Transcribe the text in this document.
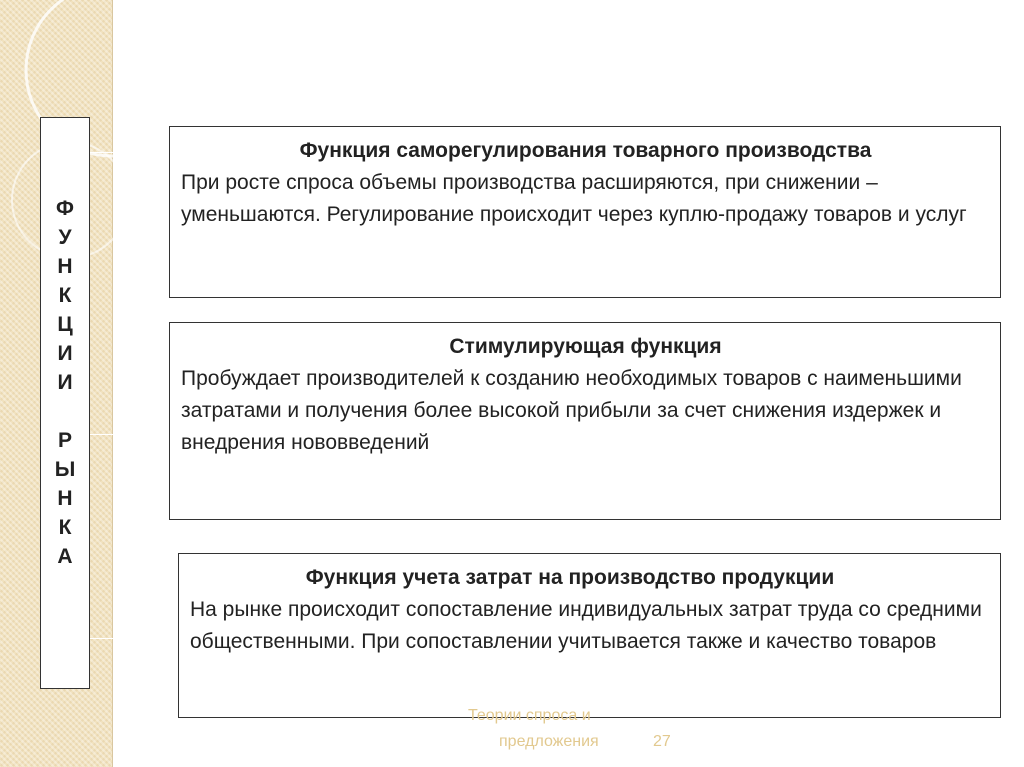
Ф
У
Н
К
Ц
И
И
Р
Ы
Н
К
А
Функция саморегулирования товарного производства
При росте спроса объемы производства расширяются, при снижении – уменьшаются. Регулирование происходит через куплю-продажу товаров и услуг
Стимулирующая функция
Пробуждает производителей к созданию необходимых товаров с наименьшими затратами и получения более высокой прибыли за счет снижения издержек и внедрения нововведений
Функция учета затрат на производство продукции
На рынке происходит сопоставление индивидуальных затрат труда со средними общественными. При сопоставлении учитывается также и качество товаров
Теории спроса и
предложения	27
